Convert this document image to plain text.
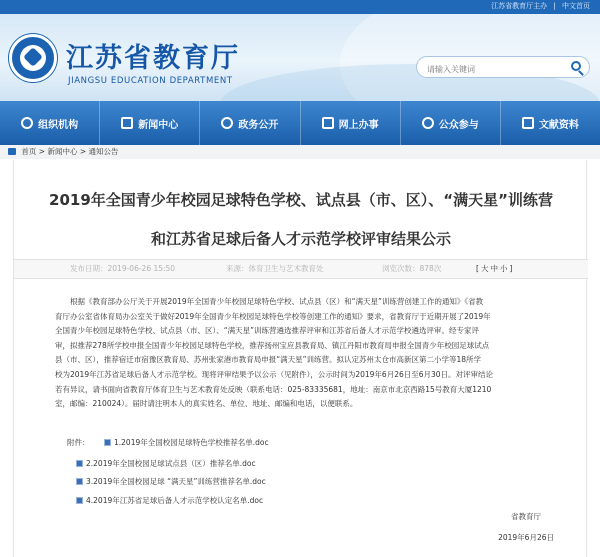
江苏省教育厅主办 | 中文首页
江苏省教育厅
JIANGSU EDUCATION DEPARTMENT
请输入关键词
组织机构	新闻中心	政务公开	网上办事	公众参与	文献资料
首页 > 新闻中心 > 通知公告
2019年全国青少年校园足球特色学校、试点县（市、区）、“满天星”训练营
和江苏省足球后备人才示范学校评审结果公示
发布日期：2019-06-26 15:50	来源：体育卫生与艺术教育处	浏览次数：878次	[ 大 中 小 ]
根据《教育部办公厅关于开展2019年全国青少年校园足球特色学校、试点县（区）和“满天星”训练营创建工作的通知》《省教
育厅办公室省体育局办公室关于做好2019年全国青少年校园足球特色学校等创建工作的通知》要求，省教育厅于近期开展了2019年
全国青少年校园足球特色学校、试点县（市、区）、“满天星”训练营遴选推荐评审和江苏省后备人才示范学校遴选评审。经专家评
审，拟推荐278所学校申报全国青少年校园足球特色学校，推荐扬州宝应县教育局、镇江丹阳市教育局申报全国青少年校园足球试点
县（市、区），推荐宿迁市宿豫区教育局、苏州张家港市教育局申报“满天星”训练营。拟认定苏州太仓市高新区第二小学等18所学
校为2019年江苏省足球后备人才示范学校。现将评审结果予以公示（见附件），公示时间为2019年6月26日至6月30日。对评审结论
若有异议，请书面向省教育厅体育卫生与艺术教育处反映（联系电话：025-83335681，地址：南京市北京西路15号教育大厦1210
室，邮编：210024）。届时请注明本人的真实姓名、单位、地址、邮编和电话，以便联系。
附件：	1.2019年全国校园足球特色学校推荐名单.doc
2.2019年全国校园足球试点县（区）推荐名单.doc
3.2019年全国校园足球 “满天星”训练营推荐名单.doc
4.2019年江苏省足球后备人才示范学校认定名单.doc
省教育厅
2019年6月26日
